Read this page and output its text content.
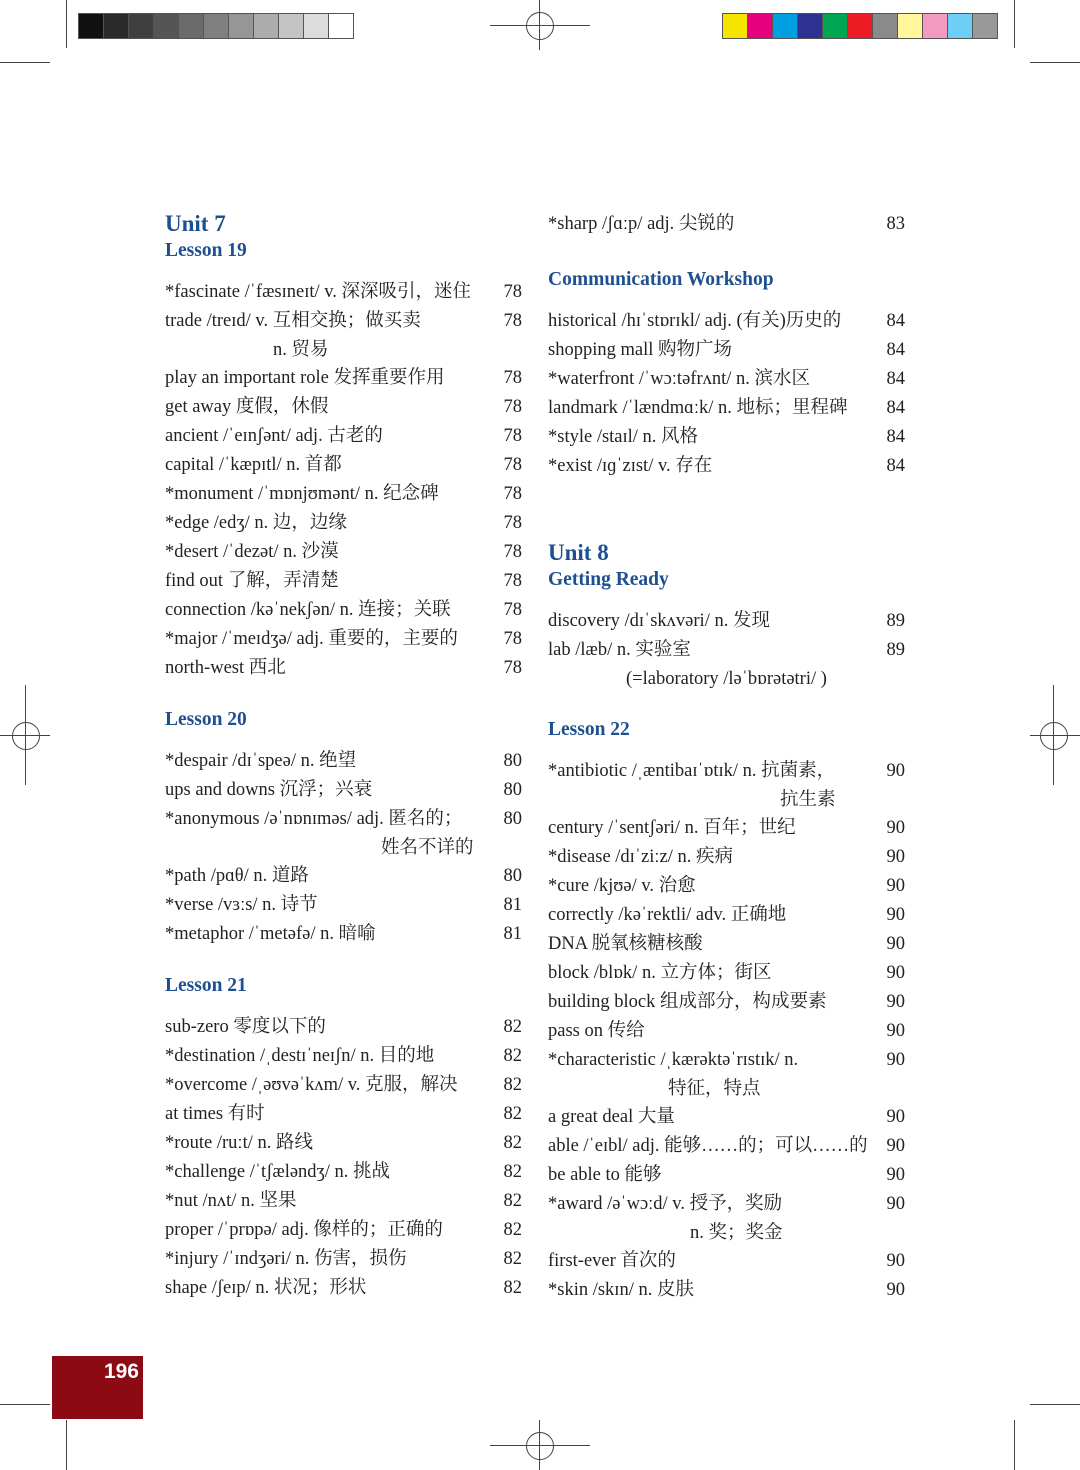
Unit 7
Lesson 19
*fascinate /ˈfæsɪneɪt/ v. 深深吸引，迷住 78
trade /treɪd/ v. 互相交换；做买卖	78
n. 贸易
play an important role 发挥重要作用	78
get away 度假，休假	78
ancient /ˈeɪnʃənt/ adj. 古老的	78
capital /ˈkæpɪtl/ n. 首都	78
*monument /ˈmɒnjʊmənt/ n. 纪念碑	78
*edge /edʒ/ n. 边，边缘	78
*desert /ˈdezət/ n. 沙漠	78
find out 了解，弄清楚	78
connection /kəˈnekʃən/ n. 连接；关联	78
*major /ˈmeɪdʒə/ adj. 重要的，主要的 78
north-west 西北	78
Lesson 20
*despair /dɪˈspeə/ n. 绝望	80
ups and downs 沉浮；兴衰	80
*anonymous /əˈnɒnɪməs/ adj. 匿名的； 80
姓名不详的
*path /pɑθ/ n. 道路	80
*verse /vɜːs/ n. 诗节	81
*metaphor /ˈmetəfə/ n. 暗喻	81
Lesson 21
sub-zero 零度以下的	82
*destination /ˌdestɪˈneɪʃn/ n. 目的地	82
*overcome /ˌəʊvəˈkʌm/ v. 克服，解决 82
at times 有时	82
*route /ruːt/ n. 路线	82
*challenge /ˈtʃæləndʒ/ n. 挑战	82
*nut /nʌt/ n. 坚果	82
proper /ˈprɒpə/ adj. 像样的；正确的	82
*injury /ˈɪndʒəri/ n. 伤害，损伤	82
shape /ʃeɪp/ n. 状况；形状	82
*sharp /ʃɑːp/ adj. 尖锐的	83
Communication Workshop
historical /hɪˈstɒrɪkl/ adj. (有关)历史的 84
shopping mall 购物广场	84
*waterfront /ˈwɔːtəfrʌnt/ n. 滨水区	84
landmark /ˈlændmɑːk/ n. 地标；里程碑 84
*style /staɪl/ n. 风格	84
*exist /ɪɡˈzɪst/ v. 存在	84
Unit 8
Getting Ready
discovery /dɪˈskʌvəri/ n. 发现	89
lab /læb/ n. 实验室	89
(=laboratory /ləˈbɒrətətri/ )
Lesson 22
*antibiotic /ˌæntibaɪˈɒtɪk/ n. 抗菌素，	90
抗生素
century /ˈsentʃəri/ n. 百年；世纪	90
*disease /dɪˈziːz/ n. 疾病	90
*cure /kjʊə/ v. 治愈	90
correctly /kəˈrektli/ adv. 正确地	90
DNA 脱氧核糖核酸	90
block /blɒk/ n. 立方体；街区	90
building block 组成部分，构成要素	90
pass on 传给	90
*characteristic /ˌkærəktəˈrɪstɪk/ n.	90
特征，特点
a great deal 大量	90
able /ˈeɪbl/ adj. 能够……的；可以……的 90
be able to 能够	90
*award /əˈwɔːd/ v. 授予，奖励	90
n. 奖；奖金
first-ever 首次的	90
*skin /skɪn/ n. 皮肤	90
196
